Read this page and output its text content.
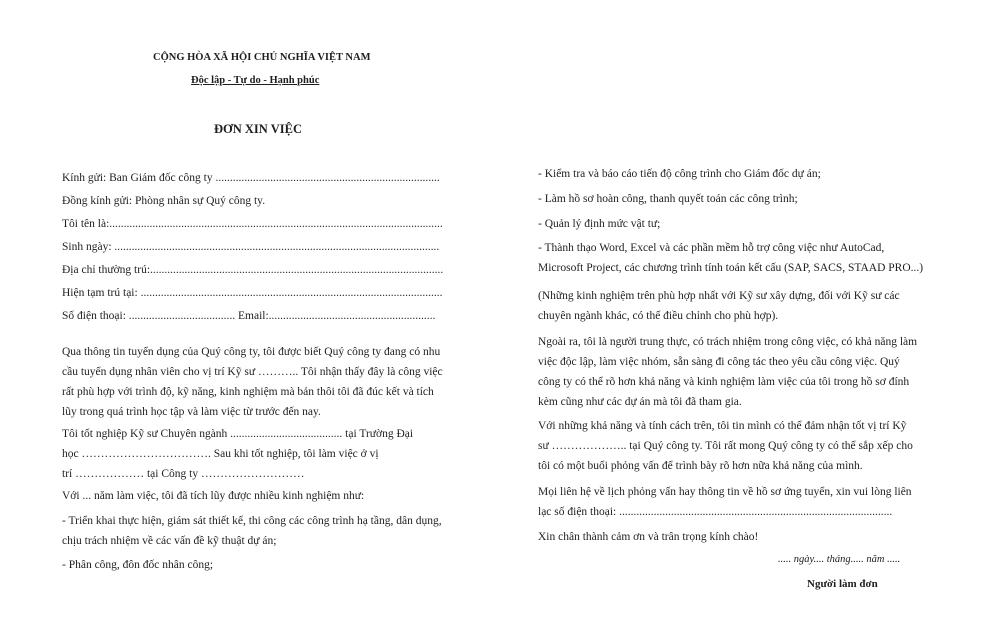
CỘNG HÒA XÃ HỘI CHỦ NGHĨA VIỆT NAM
Độc lập - Tự do - Hạnh phúc
ĐƠN XIN VIỆC
Kính gửi: Ban Giám đốc công ty ..............................................................................
Đồng kính gửi: Phòng nhân sự Quý công ty.
Tôi tên là:....................................................................................................................
Sinh ngày: .................................................................................................................
Địa chỉ thường trú:......................................................................................................
Hiện tạm trú tại: .........................................................................................................
Số điện thoại: ..................................... Email:..........................................................
Qua thông tin tuyển dụng của Quý công ty, tôi được biết Quý công ty đang có nhu
cầu tuyển dụng nhân viên cho vị trí Kỹ sư ……….. Tôi nhận thấy đây là công việc
rất phù hợp với trình độ, kỹ năng, kinh nghiệm mà bản thôi tôi đã đúc kết và tích
lũy trong quá trình học tập và làm việc từ trước đến nay.
Tôi tốt nghiệp Kỹ sư Chuyên ngành ....................................... tại Trường Đại
học ……………………………. Sau khi tốt nghiệp, tôi làm việc ở vị
trí ……………… tại Công ty ………………………
Với ... năm làm việc, tôi đã tích lũy được nhiều kinh nghiệm như:
- Triển khai thực hiện, giám sát thiết kế, thi công các công trình hạ tầng, dân dụng,
chịu trách nhiệm về các vấn đề kỹ thuật dự án;
- Phân công, đôn đốc nhân công;
- Kiểm tra và báo cáo tiến độ công trình cho Giám đốc dự án;
- Làm hồ sơ hoàn công, thanh quyết toán các công trình;
- Quản lý định mức vật tư;
- Thành thạo Word, Excel và các phần mềm hỗ trợ công việc như AutoCad,
Microsoft Project, các chương trình tính toán kết cấu (SAP, SACS, STAAD PRO...)
(Những kinh nghiệm trên phù hợp nhất với Kỹ sư xây dựng, đối với Kỹ sư các
chuyên ngành khác, có thể điều chỉnh cho phù hợp).
Ngoài ra, tôi là người trung thực, có trách nhiệm trong công việc, có khả năng làm
việc độc lập, làm việc nhóm, sẵn sàng đi công tác theo yêu cầu công việc. Quý
công ty có thể rõ hơn khả năng và kinh nghiệm làm việc của tôi trong hồ sơ đính
kèm cũng như các dự án mà tôi đã tham gia.
Với những khả năng và tính cách trên, tôi tin mình có thể đảm nhận tốt vị trí Kỹ
sư ……………….. tại Quý công ty. Tôi rất mong Quý công ty có thể sắp xếp cho
tôi có một buổi phỏng vấn để trình bày rõ hơn nữa khả năng của mình.
Mọi liên hệ về lịch phỏng vấn hay thông tin về hồ sơ ứng tuyển, xin vui lòng liên
lạc số điện thoại: ...............................................................................................
Xin chân thành cảm ơn và trân trọng kính chào!
..... ngày.... tháng..... năm .....
Người làm đơn
